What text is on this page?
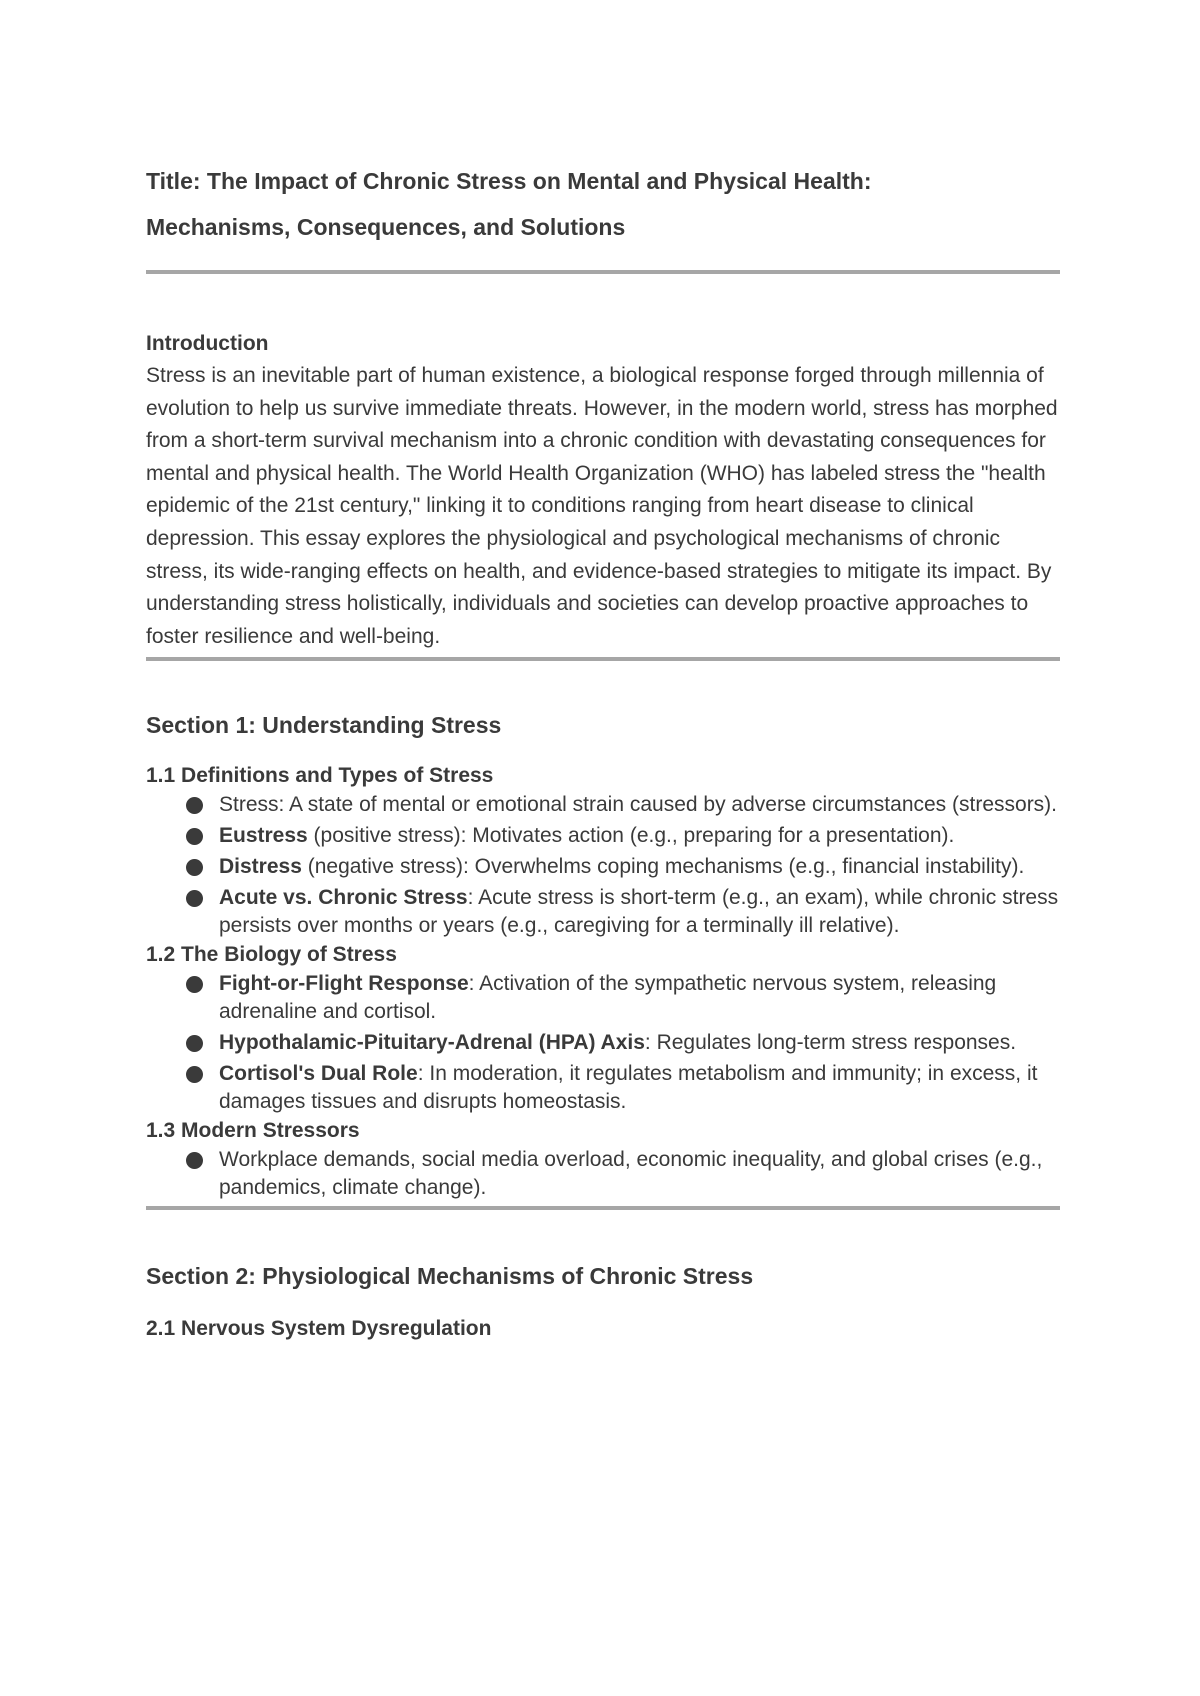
Title: The Impact of Chronic Stress on Mental and Physical Health:
Mechanisms, Consequences, and Solutions
Introduction

Stress is an inevitable part of human existence, a biological response forged through millennia of evolution to help us survive immediate threats. However, in the modern world, stress has morphed from a short-term survival mechanism into a chronic condition with devastating consequences for mental and physical health. The World Health Organization (WHO) has labeled stress the "health epidemic of the 21st century," linking it to conditions ranging from heart disease to clinical depression. This essay explores the physiological and psychological mechanisms of chronic stress, its wide-ranging effects on health, and evidence-based strategies to mitigate its impact. By understanding stress holistically, individuals and societies can develop proactive approaches to foster resilience and well-being.

Section 1: Understanding Stress
1.1 Definitions and Types of Stress
Stress: A state of mental or emotional strain caused by adverse circumstances (stressors).
Eustress (positive stress): Motivates action (e.g., preparing for a presentation).
Distress (negative stress): Overwhelms coping mechanisms (e.g., financial instability).
Acute vs. Chronic Stress: Acute stress is short-term (e.g., an exam), while chronic stress persists over months or years (e.g., caregiving for a terminally ill relative).
1.2 The Biology of Stress
Fight-or-Flight Response: Activation of the sympathetic nervous system, releasing adrenaline and cortisol.
Hypothalamic-Pituitary-Adrenal (HPA) Axis: Regulates long-term stress responses.
Cortisol's Dual Role: In moderation, it regulates metabolism and immunity; in excess, it damages tissues and disrupts homeostasis.
1.3 Modern Stressors
Workplace demands, social media overload, economic inequality, and global crises (e.g., pandemics, climate change).
Section 2: Physiological Mechanisms of Chronic Stress
2.1 Nervous System Dysregulation
